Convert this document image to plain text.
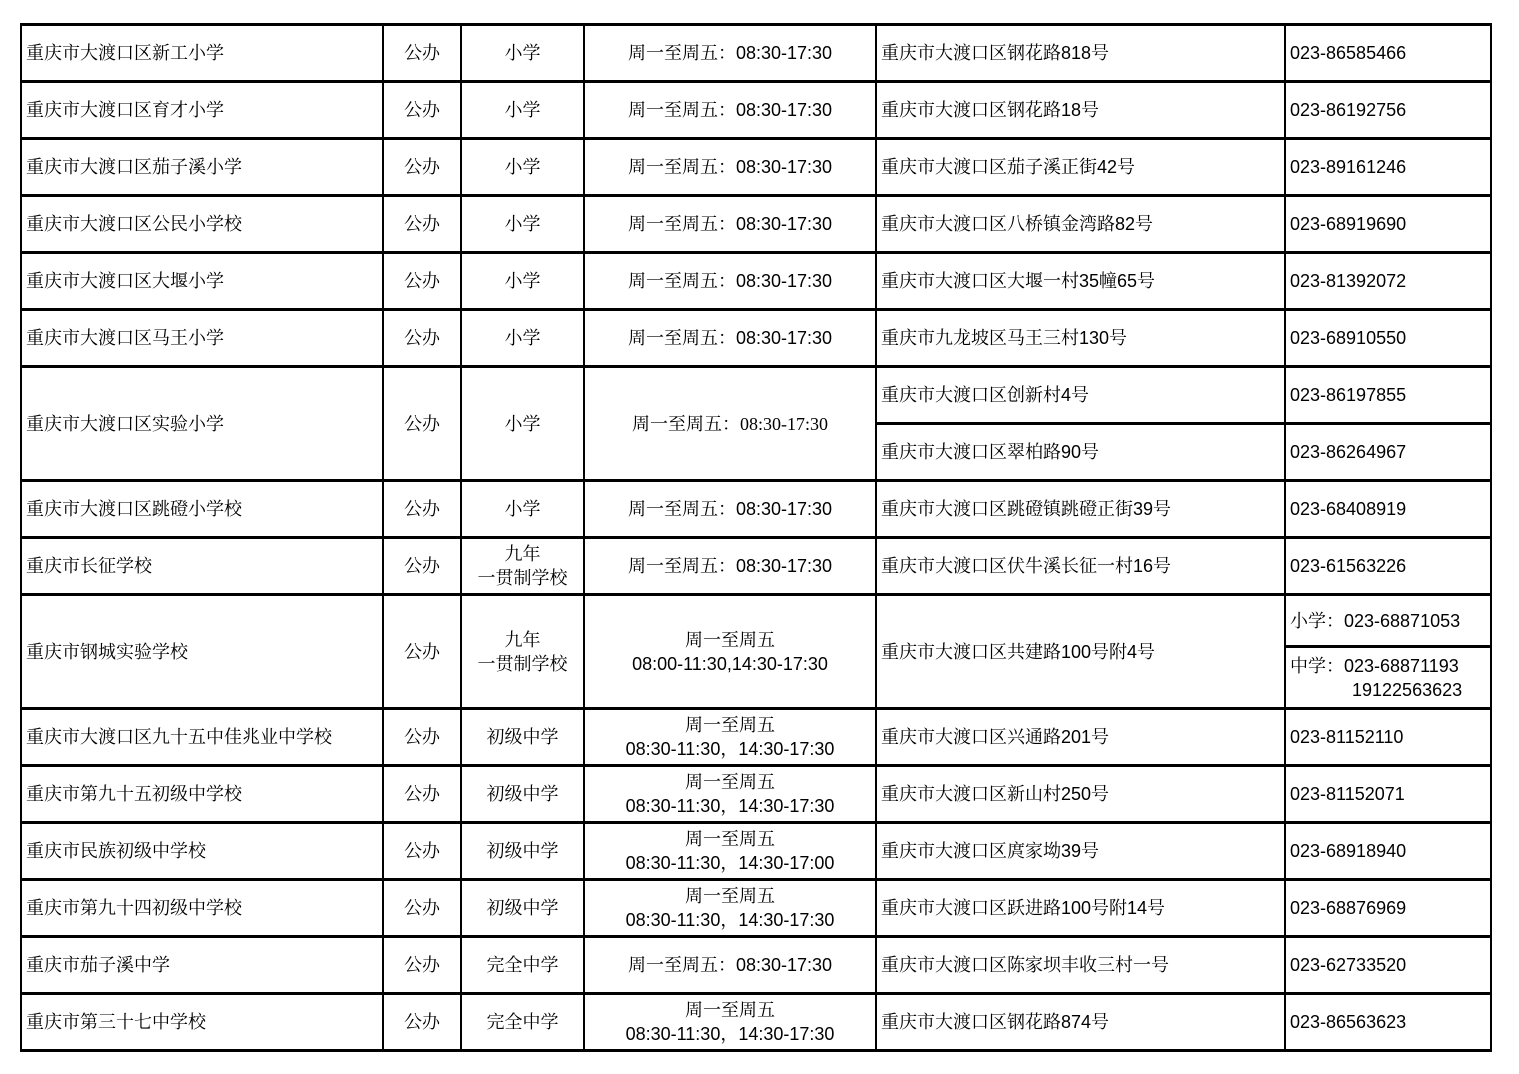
重庆市大渡口区新工小学	公办	小学	周一至周五：08:30-17:30	重庆市大渡口区钢花路818号	023-86585466
重庆市大渡口区育才小学	公办	小学	周一至周五：08:30-17:30	重庆市大渡口区钢花路18号	023-86192756
重庆市大渡口区茄子溪小学	公办	小学	周一至周五：08:30-17:30	重庆市大渡口区茄子溪正街42号	023-89161246
重庆市大渡口区公民小学校	公办	小学	周一至周五：08:30-17:30	重庆市大渡口区八桥镇金湾路82号	023-68919690
重庆市大渡口区大堰小学	公办	小学	周一至周五：08:30-17:30	重庆市大渡口区大堰一村35幢65号	023-81392072
重庆市大渡口区马王小学	公办	小学	周一至周五：08:30-17:30	重庆市九龙坡区马王三村130号	023-68910550
重庆市大渡口区实验小学	公办	小学	周一至周五：08:30-17:30	重庆市大渡口区创新村4号	023-86197855
				重庆市大渡口区翠柏路90号	023-86264967
重庆市大渡口区跳磴小学校	公办	小学	周一至周五：08:30-17:30	重庆市大渡口区跳磴镇跳磴正街39号	023-68408919
重庆市长征学校	公办	九年
一贯制学校	周一至周五：08:30-17:30	重庆市大渡口区伏牛溪长征一村16号	023-61563226
重庆市钢城实验学校	公办	九年
一贯制学校	周一至周五
08:00-11:30,14:30-17:30	重庆市大渡口区共建路100号附4号	小学：023-68871053

					中学：023-68871193
19122563623

重庆市大渡口区九十五中佳兆业中学校	公办	初级中学	周一至周五
08:30-11:30，14:30-17:30	重庆市大渡口区兴通路201号	023-81152110
重庆市第九十五初级中学校	公办	初级中学	周一至周五
08:30-11:30，14:30-17:30	重庆市大渡口区新山村250号	023-81152071
重庆市民族初级中学校	公办	初级中学	周一至周五
08:30-11:30，14:30-17:00	重庆市大渡口区庹家坳39号	023-68918940
重庆市第九十四初级中学校	公办	初级中学	周一至周五
08:30-11:30，14:30-17:30	重庆市大渡口区跃进路100号附14号	023-68876969
重庆市茄子溪中学	公办	完全中学	周一至周五：08:30-17:30	重庆市大渡口区陈家坝丰收三村一号	023-62733520
重庆市第三十七中学校	公办	完全中学	周一至周五
08:30-11:30，14:30-17:30	重庆市大渡口区钢花路874号	023-86563623
